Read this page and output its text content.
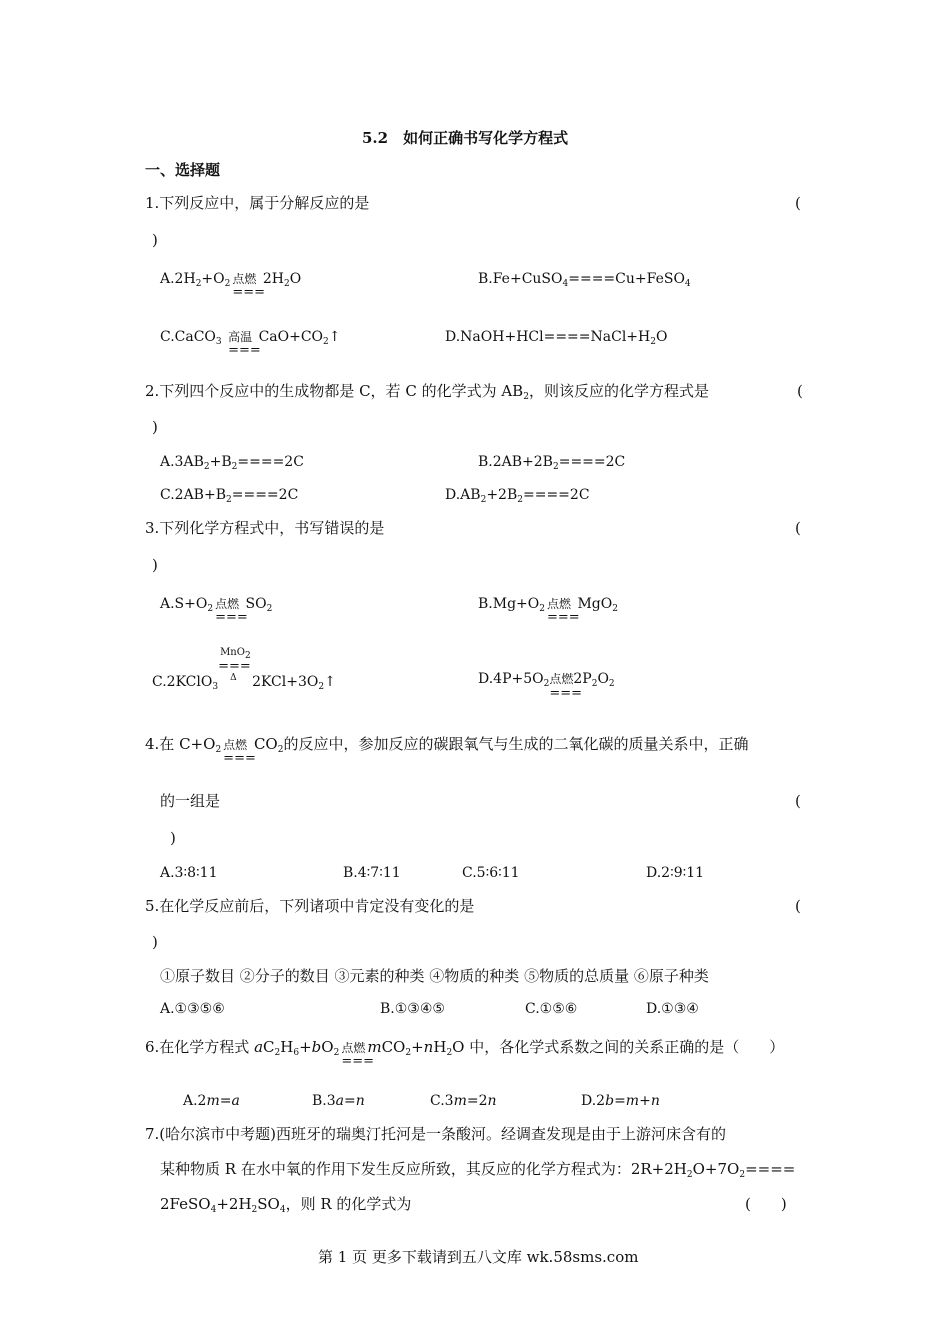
5.2　如何正确书写化学方程式
一、选择题
1.下列反应中，属于分解反应的是	(
)
$A.2H_2+O_2$ 点燃
===
$2H_2O$	B.Fe+CuSO$_4$====Cu+FeSO$_4$
C.CaCO$_3$ 高温
===
$CaO+CO_2↑$	$D.NaOH+HCl====NaCl+H_2O$
2.下列四个反应中的生成物都是 C，若 C 的化学式为 $AB_2$，则该反应的化学方程式是	(
)
$A.3AB_2+B_2====2C$	$B.2AB+2B_2====2C$
$C.2AB+B_2====2C$	$D.AB_2+2B_2====2C$
3.下列化学方程式中，书写错误的是	(
)
$A.S+O_2$ 点燃
===
$SO_2$	$B.Mg+O_2$ 点燃
===
MgO$_2$
C.2KClO$_3$
MnO$_2$
===
Δ $2KCl+3O_2↑$	$D.4P+5O_2$点燃
===
$2P_2O_2$
4.在 $C+O_2$ 点燃
===
$CO_2$的反应中，参加反应的碳跟氧气与生成的二氧化碳的质量关系中，正确
的一组是	(
)
A.3∶8∶11	B.4∶7∶11	C.5∶6∶11	D.2∶9∶11
5.在化学反应前后，下列诸项中肯定没有变化的是	(
)
①原子数目 ②分子的数目 ③元素的种类 ④物质的种类 ⑤物质的总质量 ⑥原子种类
A.①③⑤⑥	B.①③④⑤	C.①⑤⑥	D.①③④
6.在化学方程式 $aC_2H_6+bO_2$ 点燃
===
$mCO_2+nH_2O$ 中，各化学式系数之间的关系正确的是（　　）
A.2m=a	B.3a=n	C.3m=2n	D.2b=m+n
7.(哈尔滨市中考题)西班牙的瑞奥汀托河是一条酸河。经调查发现是由于上游河床含有的
某种物质 R 在水中氧的作用下发生反应所致，其反应的化学方程式为：$2R+2H_2O+7O_2====$
$2FeSO_4+2H_2SO_4$，则 R 的化学式为	(　　)
第 1 页 更多下载请到五八文库 wk.58sms.com
